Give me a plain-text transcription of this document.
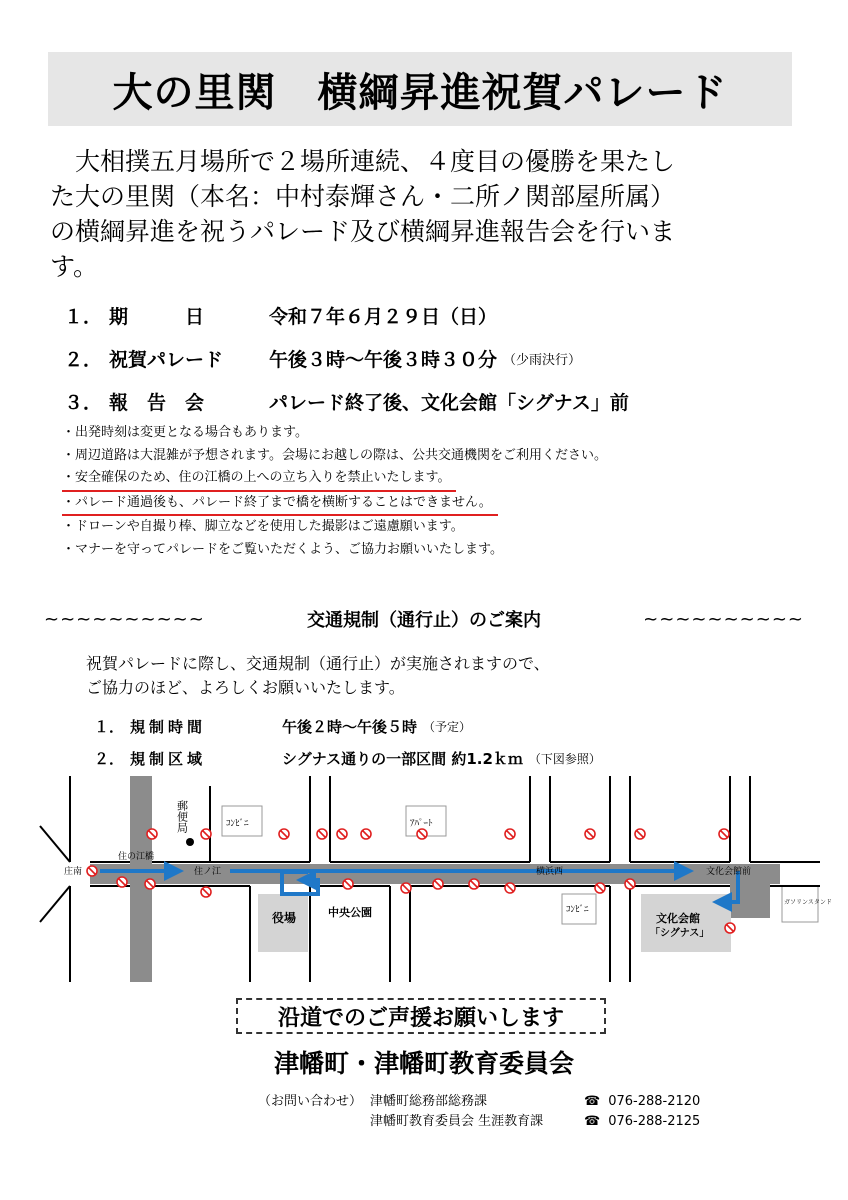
大の里関　横綱昇進祝賀パレード

　大相撲五月場所で２場所連続、４度目の優勝を果たし

た大の里関（本名：中村泰輝さん・二所ノ関部屋所属）

の横綱昇進を祝うパレード及び横綱昇進報告会を行いま

す。

１． 期　　　日	令和７年６月２９日（日）
２． 祝賀パレード	午後３時～午後３時３０分 （少雨決行）
３． 報　告　会	パレード終了後、文化会館「シグナス」前
・出発時刻は変更となる場合もあります。
・周辺道路は大混雑が予想されます。会場にお越しの際は、公共交通機関をご利用ください。
・安全確保のため、住の江橋の上への立ち入りを禁止いたします。
・パレード通過後も、パレード終了まで橋を横断することはできません。
・ドローンや自撮り棒、脚立などを使用した撮影はご遠慮願います。
・マナーを守ってパレードをご覧いただくよう、ご協力お願いいたします。
~~~~~~~~~~	交通規制（通行止）のご案内	~~~~~~~~~~

祝賀パレードに際し、交通規制（通行止）が実施されますので、

ご協力のほど、よろしくお願いいたします。

１． 規制時間	午後２時～午後５時 （予定）
２． 規制区域	シグナス通りの一部区間 約1.2ｋｍ （下図参照）
郵便局	ｺﾝﾋﾞﾆ	ｱﾊﾟｰﾄ
ｺﾝﾋﾞﾆ
庄南
住の江橋
住ノ江	横浜西	文化会館前
役場	中央公園	文化会館
「シグナス」
ガソリンスタンド
沿道でのご声援お願いします
津幡町・津幡町教育委員会
（お問い合わせ） 津幡町総務部総務課	☎ 076-288-2120
津幡町教育委員会 生涯教育課	☎ 076-288-2125
